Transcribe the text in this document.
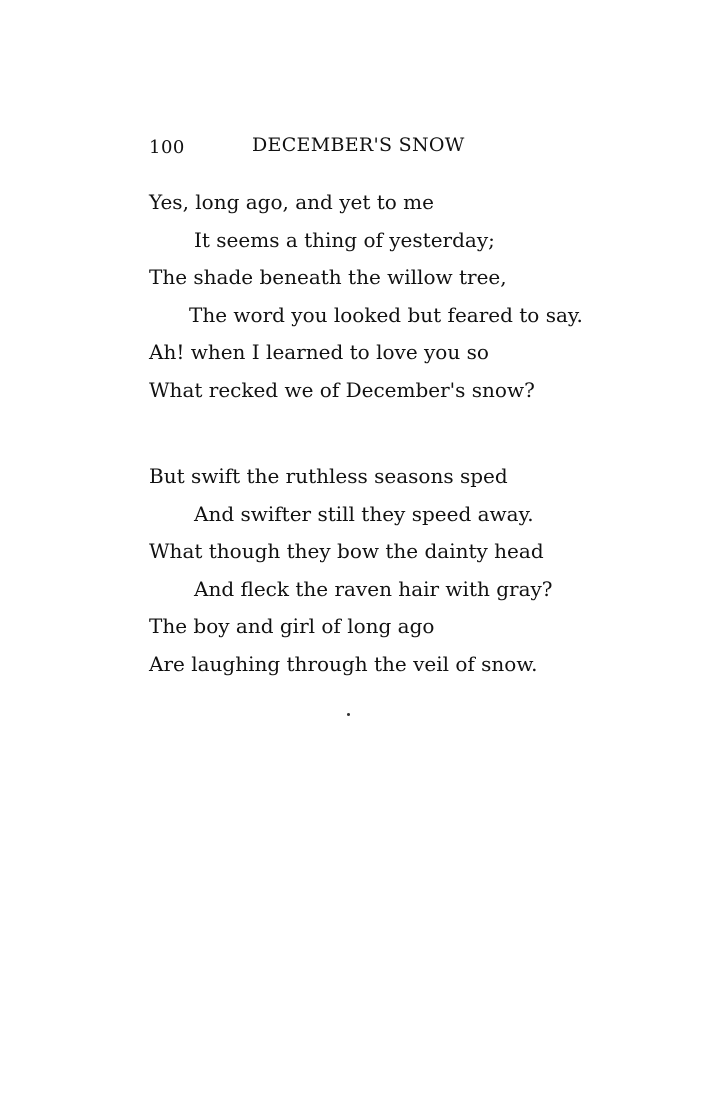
100	DECEMBER'S SNOW
Yes, long ago, and yet to me
It seems a thing of yesterday;
The shade beneath the willow tree,
The word you looked but feared to say.
Ah! when I learned to love you so
What recked we of December's snow?
But swift the ruthless seasons sped
And swifter still they speed away.
What though they bow the dainty head
And fleck the raven hair with gray?
The boy and girl of long ago
Are laughing through the veil of snow.
